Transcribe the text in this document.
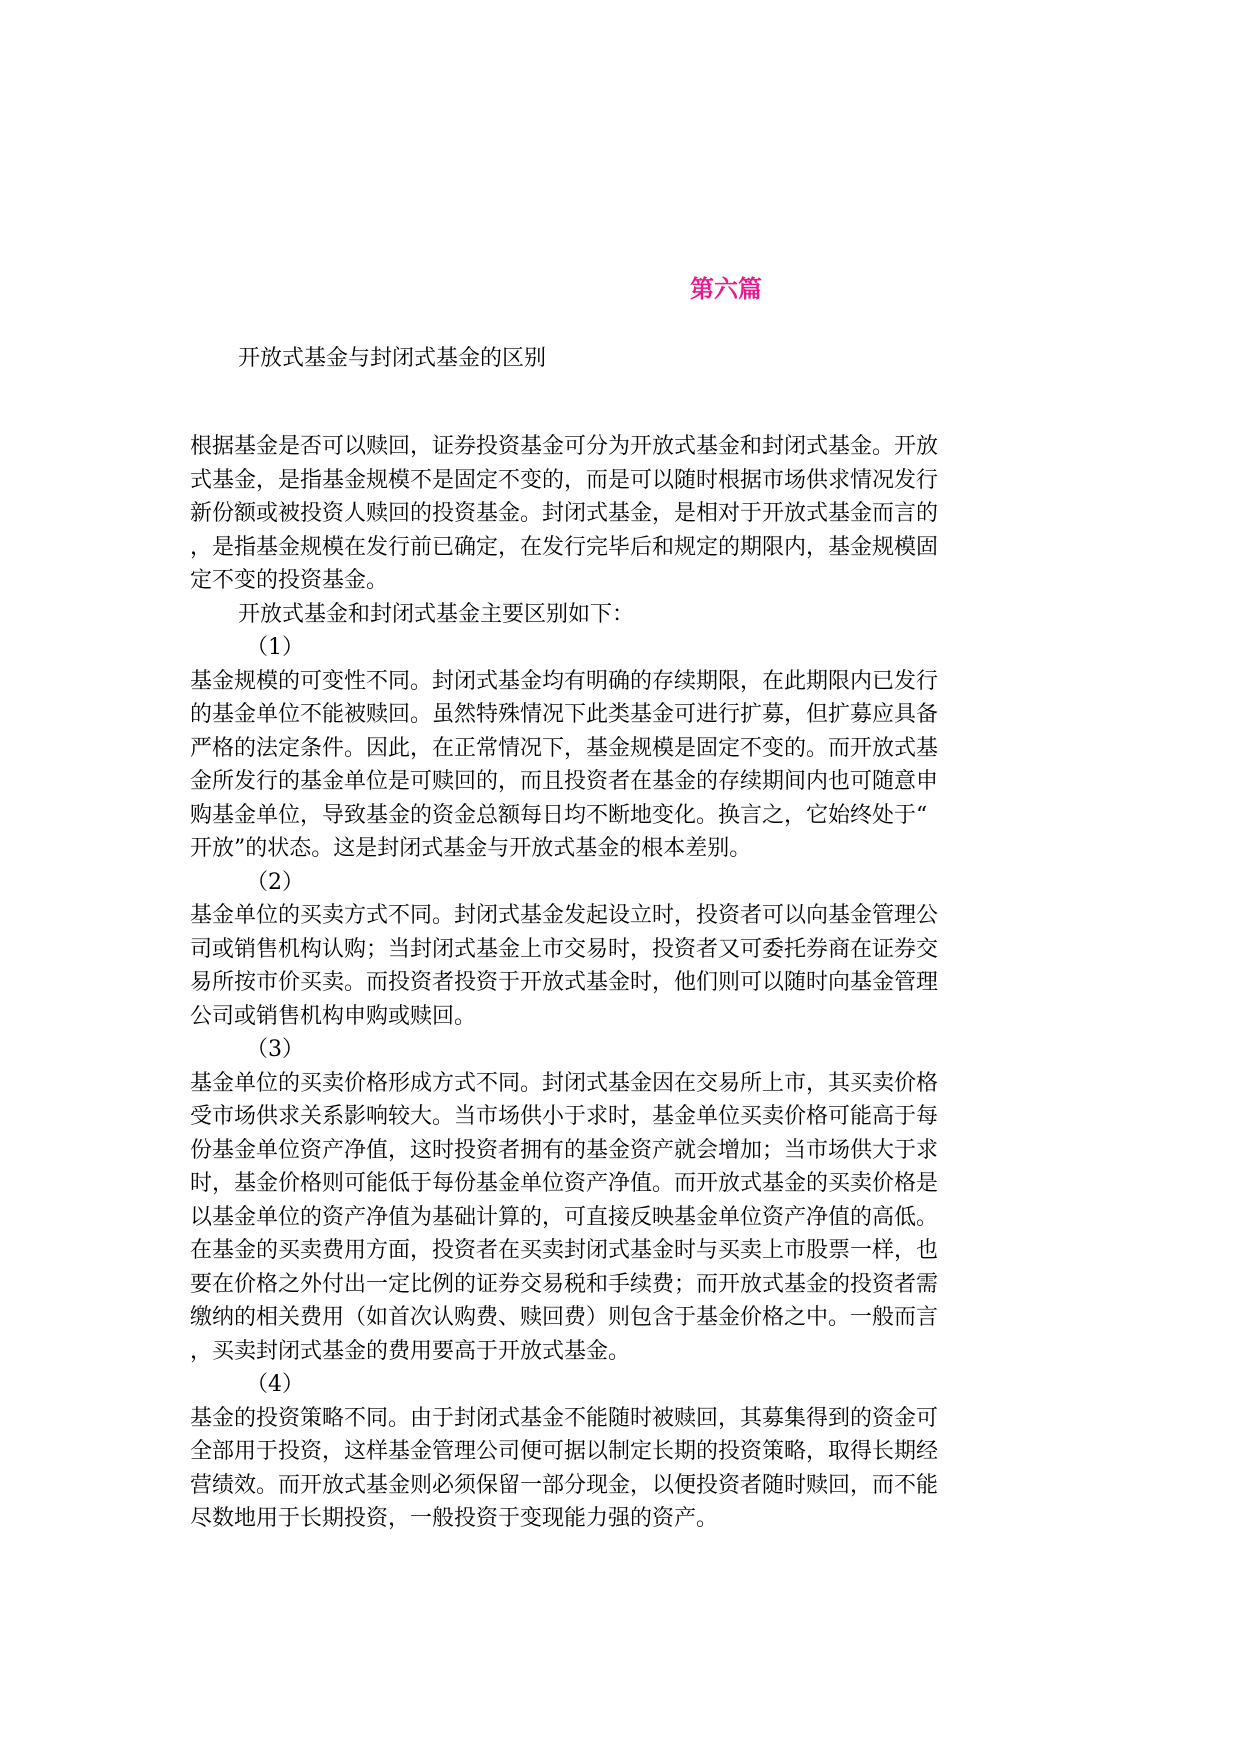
第六篇
开放式基金与封闭式基金的区别
根据基金是否可以赎回，证券投资基金可分为开放式基金和封闭式基金。开放
式基金，是指基金规模不是固定不变的，而是可以随时根据市场供求情况发行
新份额或被投资人赎回的投资基金。封闭式基金，是相对于开放式基金而言的
，是指基金规模在发行前已确定，在发行完毕后和规定的期限内，基金规模固
定不变的投资基金。
开放式基金和封闭式基金主要区别如下：
（1）
基金规模的可变性不同。封闭式基金均有明确的存续期限，在此期限内已发行
的基金单位不能被赎回。虽然特殊情况下此类基金可进行扩募，但扩募应具备
严格的法定条件。因此，在正常情况下，基金规模是固定不变的。而开放式基
金所发行的基金单位是可赎回的，而且投资者在基金的存续期间内也可随意申
购基金单位，导致基金的资金总额每日均不断地变化。换言之，它始终处于“
开放”的状态。这是封闭式基金与开放式基金的根本差别。
（2）
基金单位的买卖方式不同。封闭式基金发起设立时，投资者可以向基金管理公
司或销售机构认购；当封闭式基金上市交易时，投资者又可委托券商在证券交
易所按市价买卖。而投资者投资于开放式基金时，他们则可以随时向基金管理
公司或销售机构申购或赎回。
（3）
基金单位的买卖价格形成方式不同。封闭式基金因在交易所上市，其买卖价格
受市场供求关系影响较大。当市场供小于求时，基金单位买卖价格可能高于每
份基金单位资产净值，这时投资者拥有的基金资产就会增加；当市场供大于求
时，基金价格则可能低于每份基金单位资产净值。而开放式基金的买卖价格是
以基金单位的资产净值为基础计算的，可直接反映基金单位资产净值的高低。
在基金的买卖费用方面，投资者在买卖封闭式基金时与买卖上市股票一样，也
要在价格之外付出一定比例的证券交易税和手续费；而开放式基金的投资者需
缴纳的相关费用（如首次认购费、赎回费）则包含于基金价格之中。一般而言
，买卖封闭式基金的费用要高于开放式基金。
（4）
基金的投资策略不同。由于封闭式基金不能随时被赎回，其募集得到的资金可
全部用于投资，这样基金管理公司便可据以制定长期的投资策略，取得长期经
营绩效。而开放式基金则必须保留一部分现金，以便投资者随时赎回，而不能
尽数地用于长期投资，一般投资于变现能力强的资产。
